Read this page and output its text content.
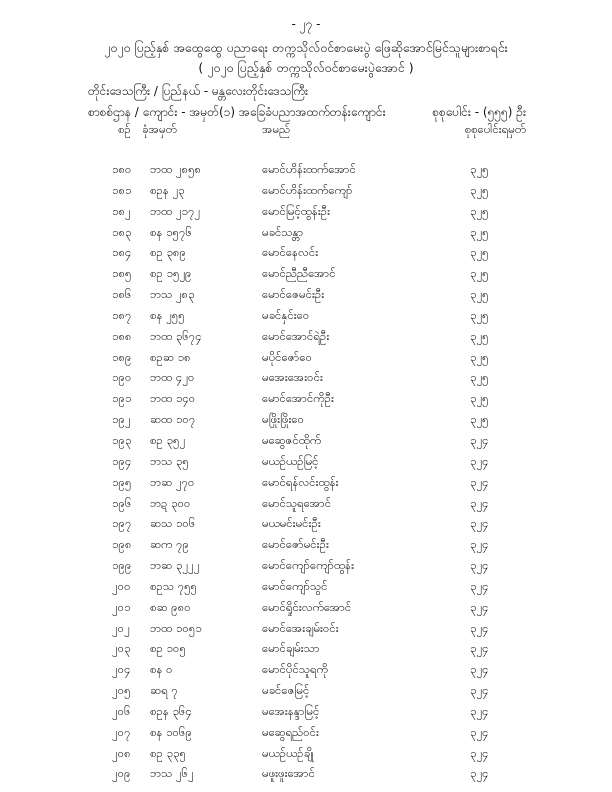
- ၂၇ -
၂၀၂၀ ပြည့်နှစ် အထွေထွေ ပညာရေး တက္ကသိုလ်ဝင်စာမေးပွဲ ဖြေဆိုအောင်မြင်သူများစာရင်း
( ၂၀၂၀ ပြည့်နှစ် တက္ကသိုလ်ဝင်စာမေးပွဲအောင် )
တိုင်းဒေသကြီး / ပြည်နယ် - မန္တလေးတိုင်းဒေသကြီး
စာစစ်ဌာန / ကျောင်း - အမှတ်(၁) အခြေခံပညာအထက်တန်းကျောင်း	စုစုပေါင်း - (၅၅၅) ဦး
စဉ် ခုံအမှတ်	အမည်	စုစုပေါင်းရမှတ်
၁၈၀	ဘထ ၂၈၅၈	မောင်ဟိန်းထက်အောင်	၃၂၅
၁၈၁	စဥန ၂၃	မောင်ဟိန်းထက်ကျော်	၃၂၅
၁၈၂	ဘထ ၂၁၇၂	မောင်မြင့်ထွန်းဦး	၃၂၅
၁၈၃	စန ၁၅၇၆	မခင်သန္တာ	၃၂၅
၁၈၄	စဥ ၃၈၉	မောင်နေလင်း	၃၂၅
၁၈၅	စဥ ၁၅၂၉	မောင်ညီညီအောင်	၃၂၅
၁၈၆	ဘသ ၂၈၃	မောင်ဇေမင်းဦး	၃၂၅
၁၈၇	စန ၂၅၅	မခင်နှင်းဝေ	၃၂၅
၁၈၈	ဘထ ၃၆၇၄	မောင်အောင်ရဲဦး	၃၂၅
၁၈၉	စဥဆ ၁၈	မပိုင်ဇော်ဝေ	၃၂၅
၁၉၀	ဘထ ၄၂၀	မအေးအေးဝင်း	၃၂၅
၁၉၁	ဘထ ၁၄၀	မောင်အောင်ကိုဦး	၃၂၅
၁၉၂	ဆထ ၁၀၇	မဖြိုးဖြိုးဝေ	၃၂၅
၁၉၃	စဥ ၃၅၂	မဆွေဇင်ထိုက်	၃၂၄
၁၉၄	ဘသ ၃၅	မယဉ်ယဉ်မြင့်	၃၂၄
၁၉၅	ဘဆ ၂၇၀	မောင်ရန်လင်းထွန်း	၃၂၄
၁၉၆	ဘဍ ၃၀၀	မောင်သူရအောင်	၃၂၄
၁၉၇	ဆသ ၁၀၆	မယမင်းမင်းဦး	၃၂၄
၁၉၈	ဆက ၇၉	မောင်ဇော်မင်းဦး	၃၂၄
၁၉၉	ဘဆ ၃၂၂၂	မောင်ကျော်ကျော်ထွန်း	၃၂၄
၂၀၀	စဥသ ၇၅၅	မောင်ကျော်သွင်	၃၂၄
၂၀၁	စဆ ၉၈၀	မောင်ရှိုင်းလက်အောင်	၃၂၄
၂၀၂	ဘထ ၁၀၅၁	မောင်အေးချမ်းဝင်း	၃၂၄
၂၀၃	စဥ ၁၀၅	မောင်ချမ်းသာ	၃၂၄
၂၀၄	စန ၀	မောင်ပိုင်သူရကို	၃၂၄
၂၀၅	ဆရ ၇	မခင်ဇေမြင့်	၃၂၄
၂၀၆	စဥန ၃၆၄	မအေးနန္ဒာမြင့်	၃၂၄
၂၀၇	စန ၁၀၆၉	မဆွေရည်ဝင်း	၃၂၄
၂၀၈	စဥ ၃၃၅	မယဉ်ယဉ်ချို	၃၂၄
၂၀၉	ဘသ ၂၆၂	မဖူးဖူးအောင်	၃၂၄
